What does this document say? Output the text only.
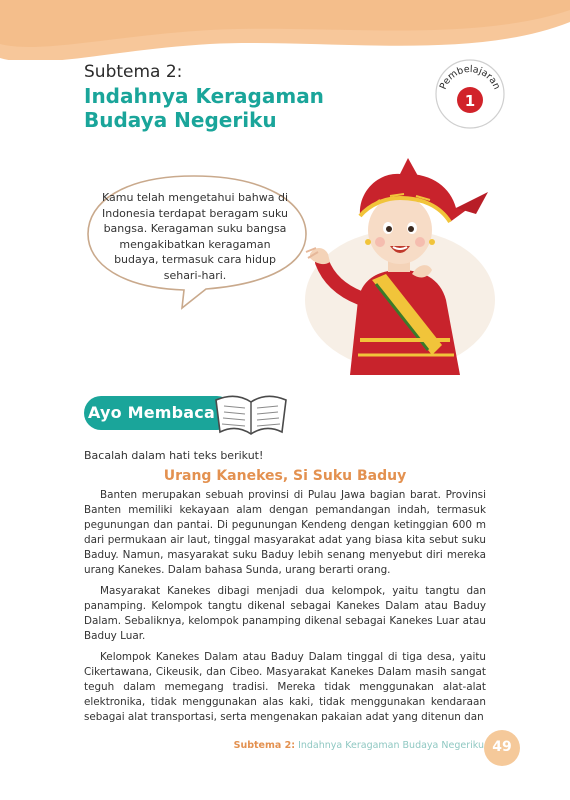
Subtema 2:
Indahnya Keragaman Budaya Negeriku
Pembelajaran
1
Kamu telah mengetahui bahwa di Indonesia terdapat beragam suku bangsa. Keragaman suku bangsa mengakibatkan keragaman budaya, termasuk cara hidup sehari-hari.
Ayo Membaca
Bacalah dalam hati teks berikut!
Urang Kanekes, Si Suku Baduy

Banten merupakan sebuah provinsi di Pulau Jawa bagian barat. Provinsi Banten memiliki kekayaan alam dengan pemandangan indah, termasuk pegunungan dan pantai. Di pegunungan Kendeng dengan ketinggian 600 m dari permukaan air laut, tinggal masyarakat adat yang biasa kita sebut suku Baduy. Namun, masyarakat suku Baduy lebih senang menyebut diri mereka urang Kanekes. Dalam bahasa Sunda, urang berarti orang.

Masyarakat Kanekes dibagi menjadi dua kelompok, yaitu tangtu dan panamping. Kelompok tangtu dikenal sebagai Kanekes Dalam atau Baduy Dalam. Sebaliknya, kelompok panamping dikenal sebagai Kanekes Luar atau Baduy Luar.

Kelompok Kanekes Dalam atau Baduy Dalam tinggal di tiga desa, yaitu Cikertawana, Cikeusik, dan Cibeo. Masyarakat Kanekes Dalam masih sangat teguh dalam memegang tradisi. Mereka tidak menggunakan alat-alat elektronika, tidak menggunakan alas kaki, tidak menggunakan kendaraan sebagai alat transportasi, serta mengenakan pakaian adat yang ditenun dan

Subtema 2: Indahnya Keragaman Budaya Negeriku 49
